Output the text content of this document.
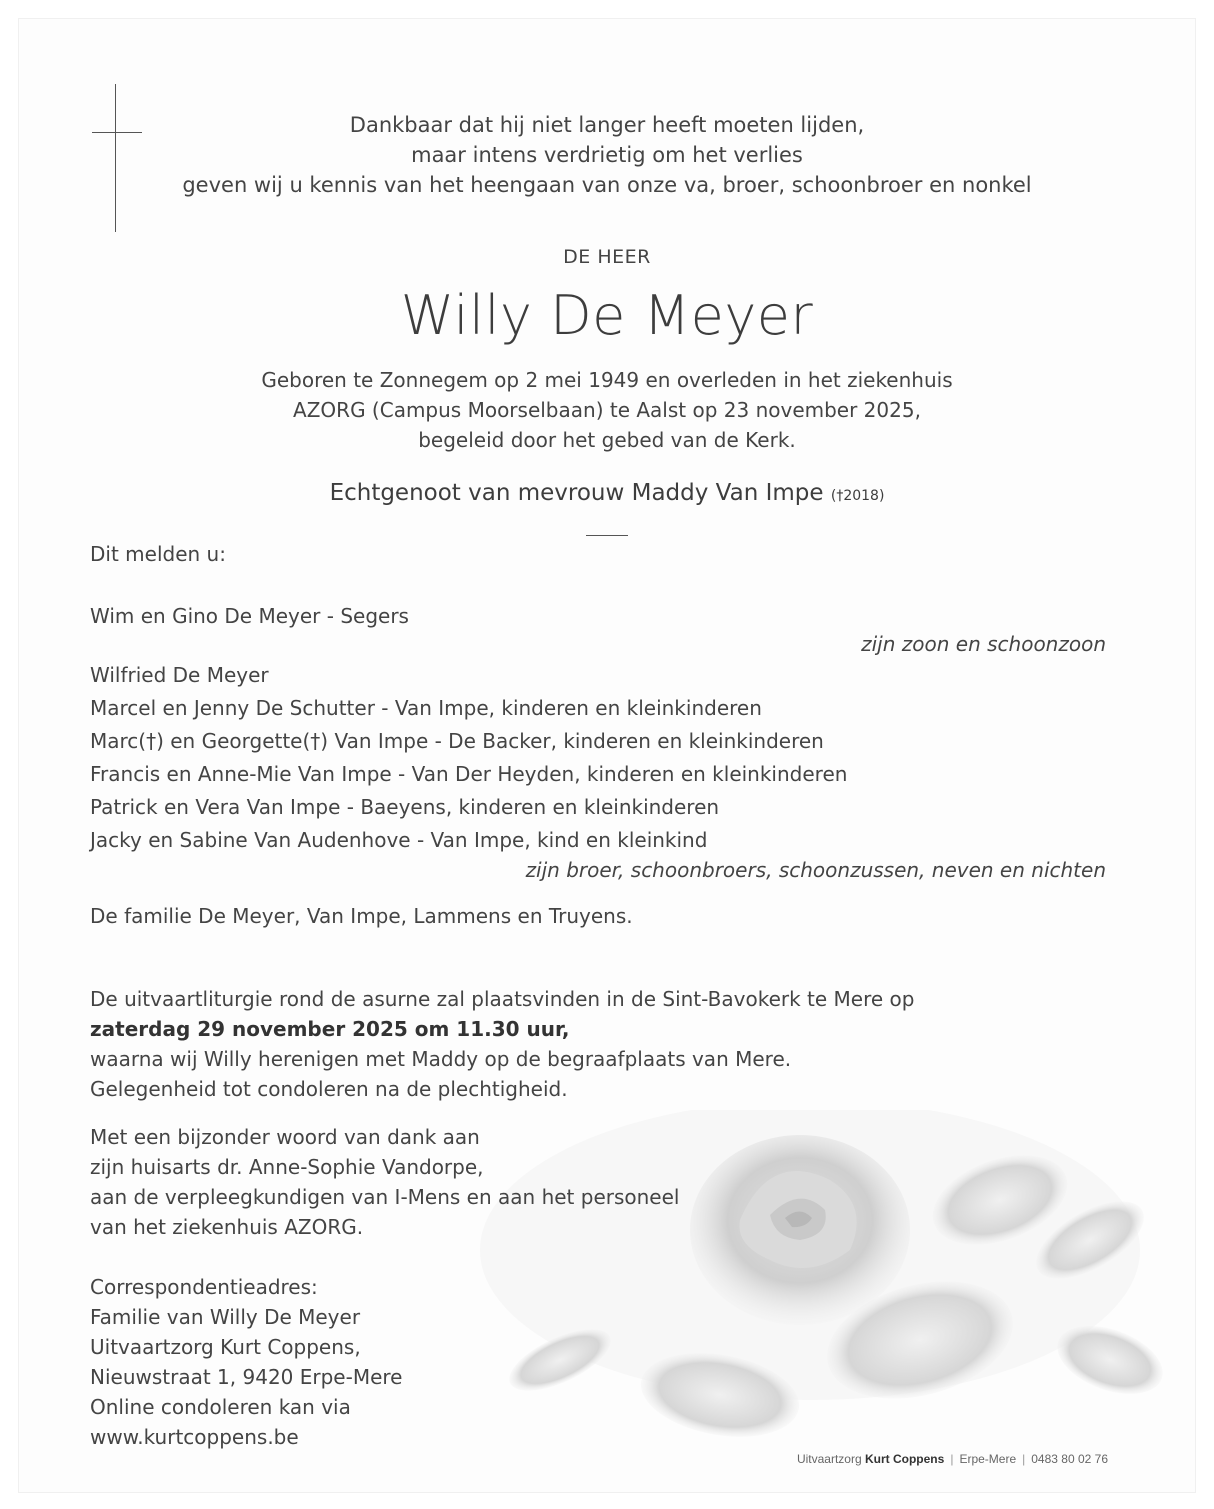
Dankbaar dat hij niet langer heeft moeten lijden,
maar intens verdrietig om het verlies
geven wij u kennis van het heengaan van onze va, broer, schoonbroer en nonkel
DE HEER
Willy De Meyer
Geboren te Zonnegem op 2 mei 1949 en overleden in het ziekenhuis
AZORG (Campus Moorselbaan) te Aalst op 23 november 2025,
begeleid door het gebed van de Kerk.
Echtgenoot van mevrouw Maddy Van Impe (†2018)
Dit melden u:
Wim en Gino De Meyer - Segers
zijn zoon en schoonzoon
Wilfried De Meyer
Marcel en Jenny De Schutter - Van Impe, kinderen en kleinkinderen
Marc(†) en Georgette(†) Van Impe - De Backer, kinderen en kleinkinderen
Francis en Anne-Mie Van Impe - Van Der Heyden, kinderen en kleinkinderen
Patrick en Vera Van Impe - Baeyens, kinderen en kleinkinderen
Jacky en Sabine Van Audenhove - Van Impe, kind en kleinkind
zijn broer, schoonbroers, schoonzussen, neven en nichten
De familie De Meyer, Van Impe, Lammens en Truyens.
De uitvaartliturgie rond de asurne zal plaatsvinden in de Sint-Bavokerk te Mere op
zaterdag 29 november 2025 om 11.30 uur,
waarna wij Willy herenigen met Maddy op de begraafplaats van Mere.
Gelegenheid tot condoleren na de plechtigheid.
Met een bijzonder woord van dank aan
zijn huisarts dr. Anne-Sophie Vandorpe,
aan de verpleegkundigen van I-Mens en aan het personeel
van het ziekenhuis AZORG.
Correspondentieadres:
Familie van Willy De Meyer
Uitvaartzorg Kurt Coppens,
Nieuwstraat 1, 9420 Erpe-Mere
Online condoleren kan via
www.kurtcoppens.be
Uitvaartzorg Kurt Coppens | Erpe-Mere | 0483 80 02 76
